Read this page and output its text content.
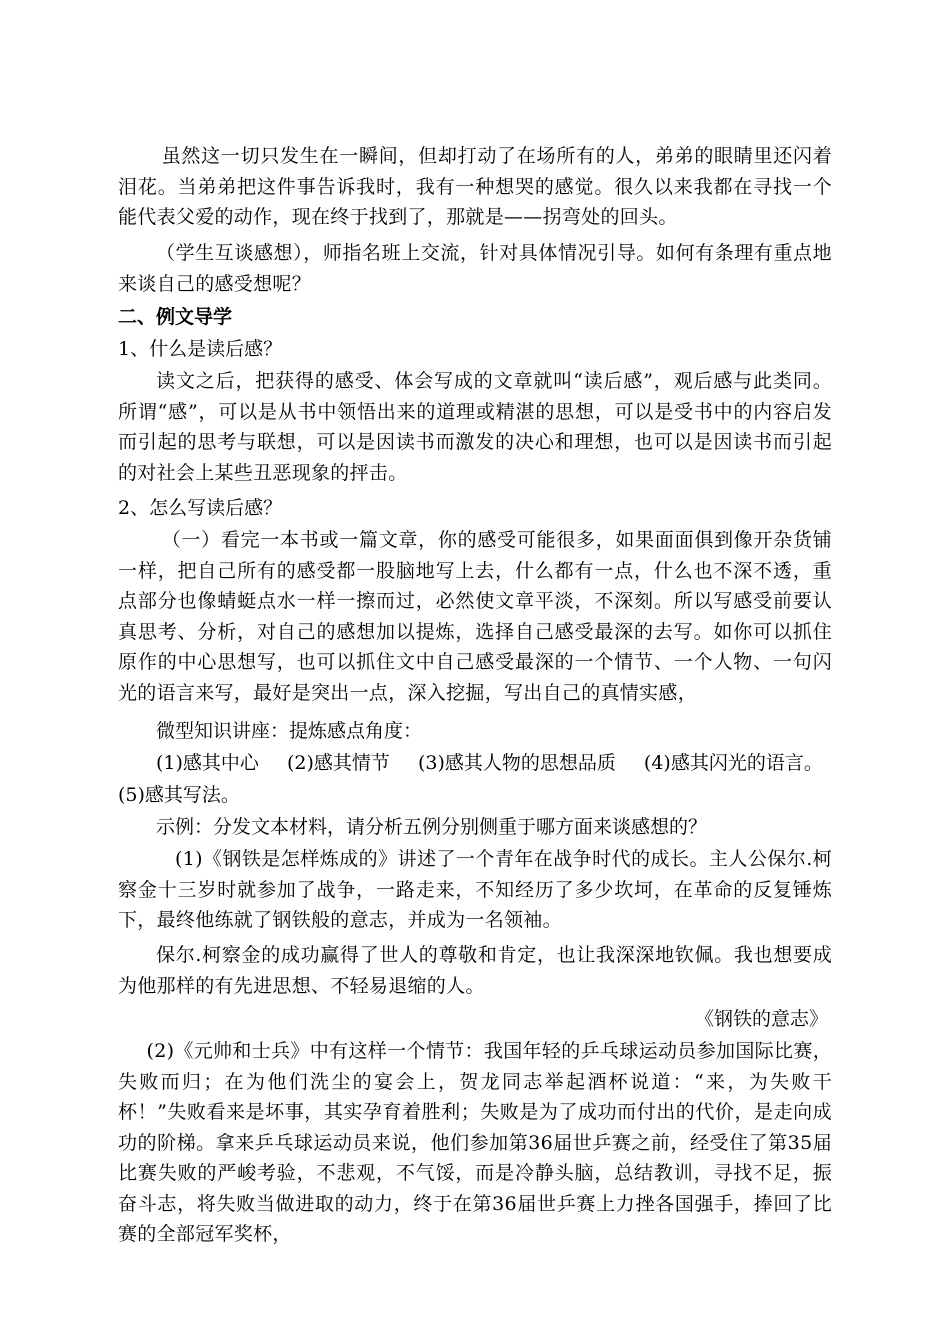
虽然这一切只发生在一瞬间，但却打动了在场所有的人，弟弟的眼睛里还闪着泪花。当弟弟把这件事告诉我时，我有一种想哭的感觉。很久以来我都在寻找一个能代表父爱的动作，现在终于找到了，那就是——拐弯处的回头。

（学生互谈感想），师指名班上交流，针对具体情况引导。如何有条理有重点地来谈自己的感受想呢？

二、例文导学

1、什么是读后感？

读文之后，把获得的感受、体会写成的文章就叫“读后感”，观后感与此类同。所谓“感”，可以是从书中领悟出来的道理或精湛的思想，可以是受书中的内容启发而引起的思考与联想，可以是因读书而激发的决心和理想，也可以是因读书而引起的对社会上某些丑恶现象的抨击。

2、怎么写读后感？

（一）看完一本书或一篇文章，你的感受可能很多，如果面面俱到像开杂货铺一样，把自己所有的感受都一股脑地写上去，什么都有一点，什么也不深不透，重点部分也像蜻蜓点水一样一擦而过，必然使文章平淡，不深刻。所以写感受前要认真思考、分析，对自己的感想加以提炼，选择自己感受最深的去写。如你可以抓住原作的中心思想写，也可以抓住文中自己感受最深的一个情节、一个人物、一句闪光的语言来写，最好是突出一点，深入挖掘，写出自己的真情实感，

微型知识讲座：提炼感点角度：

(1)感其中心 (2)感其情节 (3)感其人物的思想品质 (4)感其闪光的语言。

(5)感其写法。

示例：分发文本材料，请分析五例分别侧重于哪方面来谈感想的？

(1)《钢铁是怎样炼成的》讲述了一个青年在战争时代的成长。主人公保尔.柯察金十三岁时就参加了战争，一路走来，不知经历了多少坎坷，在革命的反复锤炼下，最终他练就了钢铁般的意志，并成为一名领袖。

保尔.柯察金的成功赢得了世人的尊敬和肯定，也让我深深地钦佩。我也想要成为他那样的有先进思想、不轻易退缩的人。

《钢铁的意志》

(2)《元帅和士兵》中有这样一个情节：我国年轻的乒乓球运动员参加国际比赛，失败而归；在为他们洗尘的宴会上，贺龙同志举起酒杯说道：“来，为失败干杯！”失败看来是坏事，其实孕育着胜利；失败是为了成功而付出的代价，是走向成功的阶梯。拿来乒乓球运动员来说，他们参加第36届世乒赛之前，经受住了第35届比赛失败的严峻考验，不悲观，不气馁，而是冷静头脑，总结教训，寻找不足，振奋斗志，将失败当做进取的动力，终于在第36届世乒赛上力挫各国强手，捧回了比赛的全部冠军奖杯，
